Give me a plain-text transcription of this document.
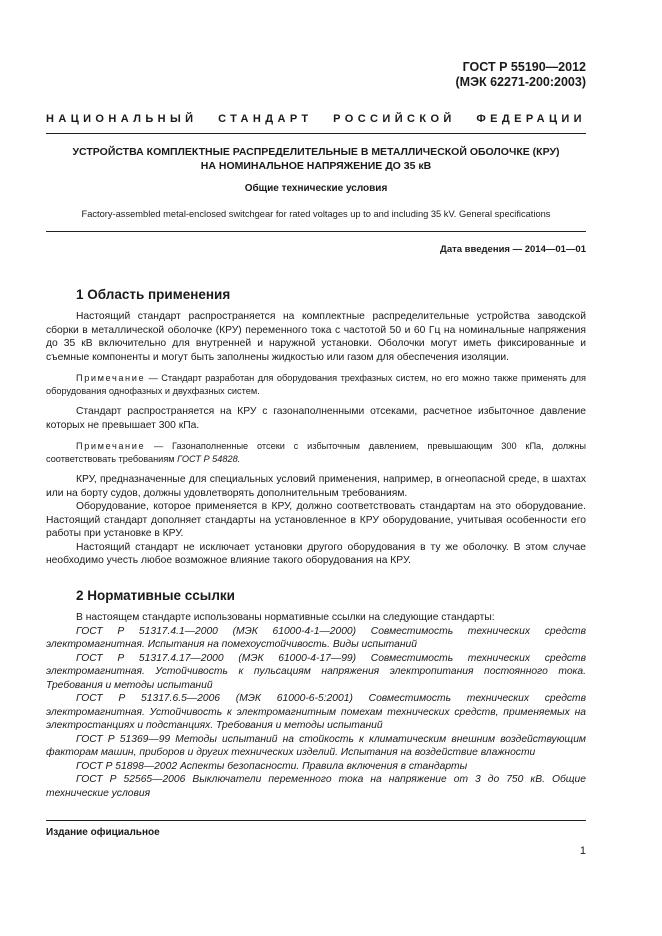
ГОСТ Р 55190—2012
(МЭК 62271-200:2003)
НАЦИОНАЛЬНЫЙ СТАНДАРТ РОССИЙСКОЙ ФЕДЕРАЦИИ
УСТРОЙСТВА КОМПЛЕКТНЫЕ РАСПРЕДЕЛИТЕЛЬНЫЕ В МЕТАЛЛИЧЕСКОЙ ОБОЛОЧКЕ (КРУ)
НА НОМИНАЛЬНОЕ НАПРЯЖЕНИЕ ДО 35 кВ
Общие технические условия
Factory-assembled metal-enclosed switchgear for rated voltages up to and including 35 kV. General specifications
Дата введения — 2014—01—01
1 Область применения

Настоящий стандарт распространяется на комплектные распределительные устройства заводской сборки в металлической оболочке (КРУ) переменного тока с частотой 50 и 60 Гц на номинальные напряжения до 35 кВ включительно для внутренней и наружной установки. Оболочки могут иметь фиксированные и съемные компоненты и могут быть заполнены жидкостью или газом для обеспечения изоляции.

Примечание — Стандарт разработан для оборудования трехфазных систем, но его можно также применять для оборудования однофазных и двухфазных систем.

Стандарт распространяется на КРУ с газонаполненными отсеками, расчетное избыточное давление которых не превышает 300 кПа.

Примечание — Газонаполненные отсеки с избыточным давлением, превышающим 300 кПа, должны соответствовать требованиям ГОСТ Р 54828.

КРУ, предназначенные для специальных условий применения, например, в огнеопасной среде, в шахтах или на борту судов, должны удовлетворять дополнительным требованиям.

Оборудование, которое применяется в КРУ, должно соответствовать стандартам на это оборудование. Настоящий стандарт дополняет стандарты на установленное в КРУ оборудование, учитывая особенности его работы при установке в КРУ.

Настоящий стандарт не исключает установки другого оборудования в ту же оболочку. В этом случае необходимо учесть любое возможное влияние такого оборудования на КРУ.

2 Нормативные ссылки

В настоящем стандарте использованы нормативные ссылки на следующие стандарты:

ГОСТ Р 51317.4.1—2000 (МЭК 61000-4-1—2000) Совместимость технических средств электромагнитная. Испытания на помехоустойчивость. Виды испытаний

ГОСТ Р 51317.4.17—2000 (МЭК 61000-4-17—99) Совместимость технических средств электромагнитная. Устойчивость к пульсациям напряжения электропитания постоянного тока. Требования и методы испытаний

ГОСТ Р 51317.6.5—2006 (МЭК 61000-6-5:2001) Совместимость технических средств электромагнитная. Устойчивость к электромагнитным помехам технических средств, применяемых на электростанциях и подстанциях. Требования и методы испытаний

ГОСТ Р 51369—99 Методы испытаний на стойкость к климатическим внешним воздействующим факторам машин, приборов и других технических изделий. Испытания на воздействие влажности

ГОСТ Р 51898—2002 Аспекты безопасности. Правила включения в стандарты

ГОСТ Р 52565—2006 Выключатели переменного тока на напряжение от 3 до 750 кВ. Общие технические условия

Издание официальное
1
